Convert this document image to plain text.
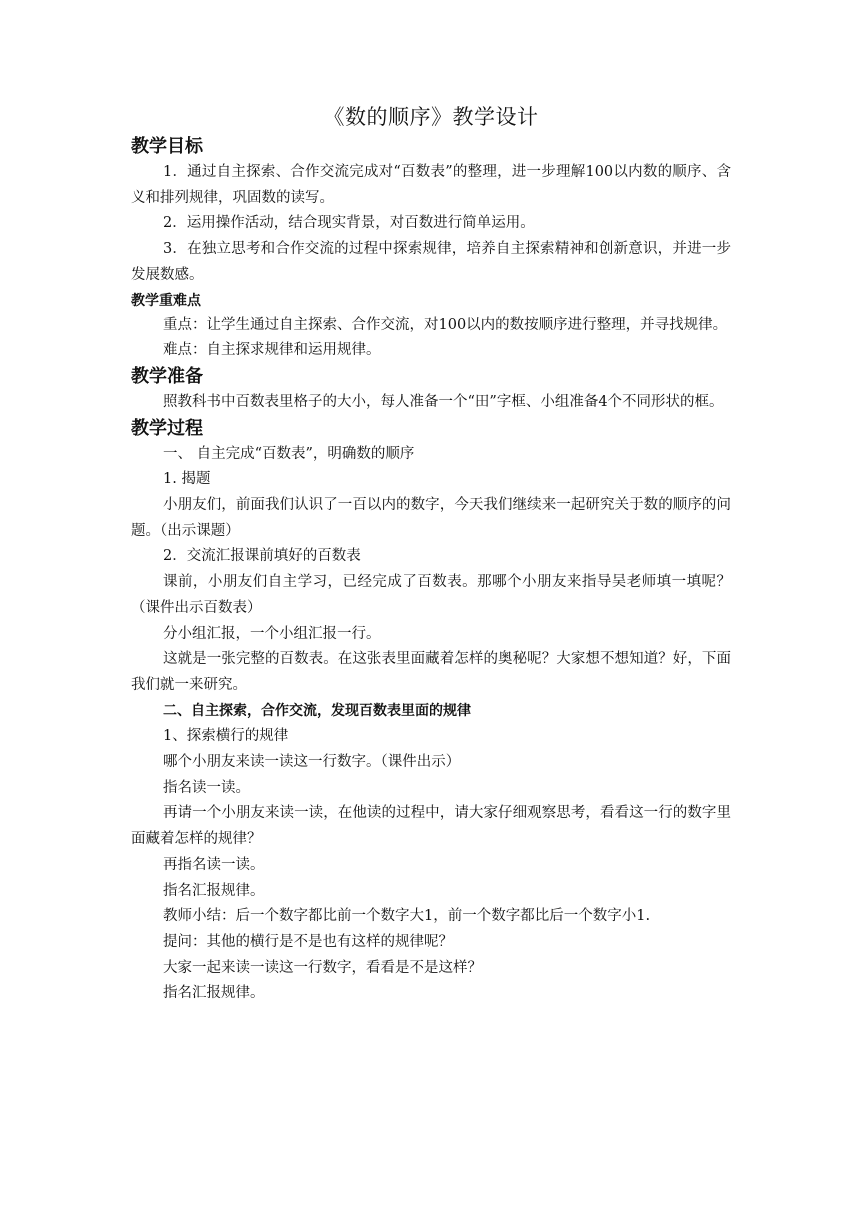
《数的顺序》教学设计
教学目标

1．通过自主探索、合作交流完成对“百数表”的整理，进一步理解100以内数的顺序、含义和排列规律，巩固数的读写。

2．运用操作活动，结合现实背景，对百数进行简单运用。

3．在独立思考和合作交流的过程中探索规律，培养自主探索精神和创新意识，并进一步发展数感。

教学重难点

重点：让学生通过自主探索、合作交流，对100以内的数按顺序进行整理，并寻找规律。

难点：自主探求规律和运用规律。

教学准备

照教科书中百数表里格子的大小，每人准备一个“田”字框、小组准备4个不同形状的框。

教学过程

一、 自主完成“百数表”，明确数的顺序

1. 揭题

小朋友们，前面我们认识了一百以内的数字，今天我们继续来一起研究关于数的顺序的问题。（出示课题）

2．交流汇报课前填好的百数表

课前，小朋友们自主学习，已经完成了百数表。那哪个小朋友来指导吴老师填一填呢？（课件出示百数表）

分小组汇报，一个小组汇报一行。

这就是一张完整的百数表。在这张表里面藏着怎样的奥秘呢？大家想不想知道？好，下面我们就一来研究。

二、自主探索，合作交流，发现百数表里面的规律

1、探索横行的规律

哪个小朋友来读一读这一行数字。（课件出示）

指名读一读。

再请一个小朋友来读一读，在他读的过程中，请大家仔细观察思考，看看这一行的数字里面藏着怎样的规律？

再指名读一读。

指名汇报规律。

教师小结：后一个数字都比前一个数字大1，前一个数字都比后一个数字小1.

提问：其他的横行是不是也有这样的规律呢？

大家一起来读一读这一行数字，看看是不是这样？

指名汇报规律。
